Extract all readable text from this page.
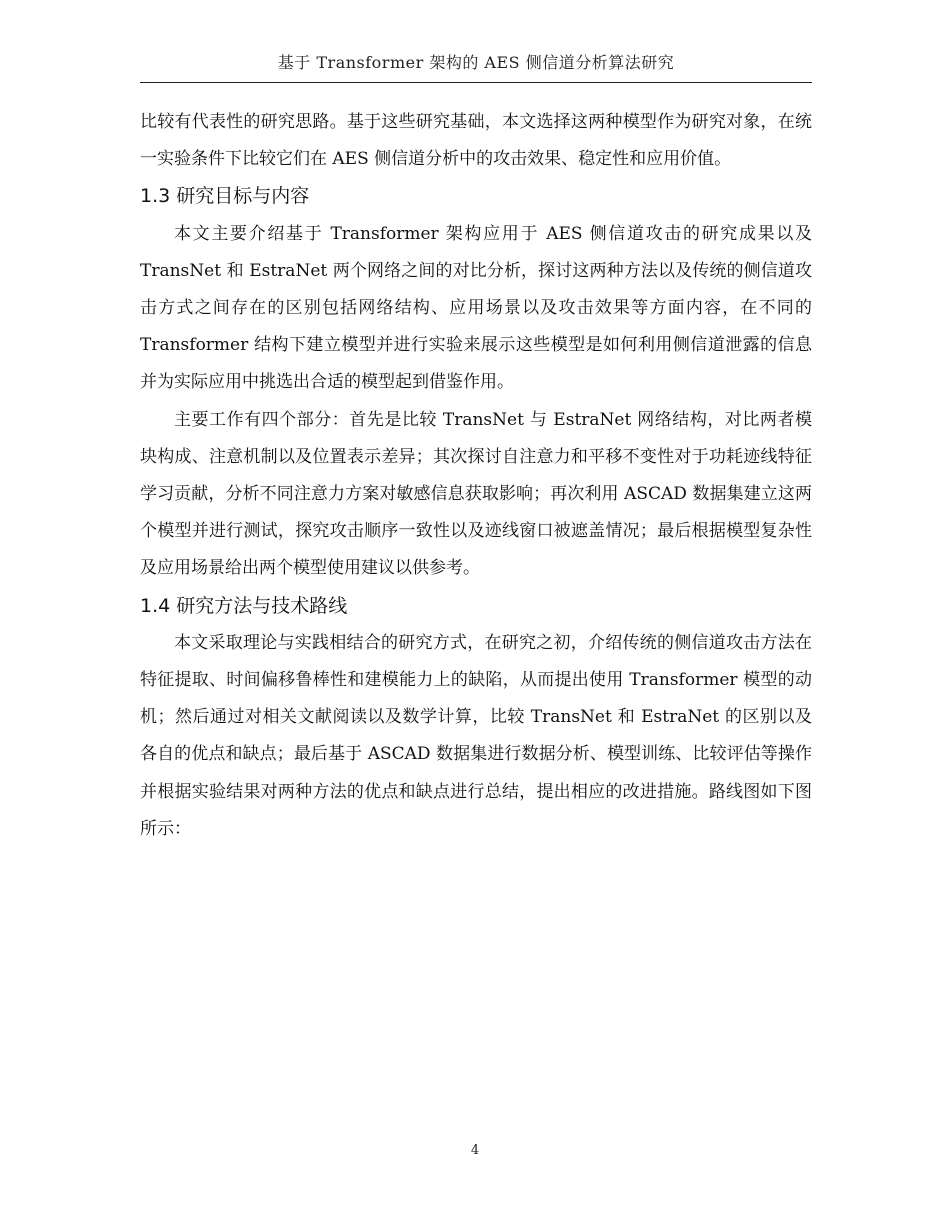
基于 Transformer 架构的 AES 侧信道分析算法研究

比较有代表性的研究思路。基于这些研究基础，本文选择这两种模型作为研究对象，在统一实验条件下比较它们在 AES 侧信道分析中的攻击效果、稳定性和应用价值。

1.3 研究目标与内容

本文主要介绍基于 Transformer 架构应用于 AES 侧信道攻击的研究成果以及 TransNet 和 EstraNet 两个网络之间的对比分析，探讨这两种方法以及传统的侧信道攻击方式之间存在的区别包括网络结构、应用场景以及攻击效果等方面内容，在不同的 Transformer 结构下建立模型并进行实验来展示这些模型是如何利用侧信道泄露的信息并为实际应用中挑选出合适的模型起到借鉴作用。

主要工作有四个部分：首先是比较 TransNet 与 EstraNet 网络结构，对比两者模块构成、注意机制以及位置表示差异；其次探讨自注意力和平移不变性对于功耗迹线特征学习贡献，分析不同注意力方案对敏感信息获取影响；再次利用 ASCAD 数据集建立这两个模型并进行测试，探究攻击顺序一致性以及迹线窗口被遮盖情况；最后根据模型复杂性及应用场景给出两个模型使用建议以供参考。

1.4 研究方法与技术路线

本文采取理论与实践相结合的研究方式，在研究之初，介绍传统的侧信道攻击方法在特征提取、时间偏移鲁棒性和建模能力上的缺陷，从而提出使用 Transformer 模型的动机；然后通过对相关文献阅读以及数学计算，比较 TransNet 和 EstraNet 的区别以及各自的优点和缺点；最后基于 ASCAD 数据集进行数据分析、模型训练、比较评估等操作并根据实验结果对两种方法的优点和缺点进行总结，提出相应的改进措施。路线图如下图所示：

4
